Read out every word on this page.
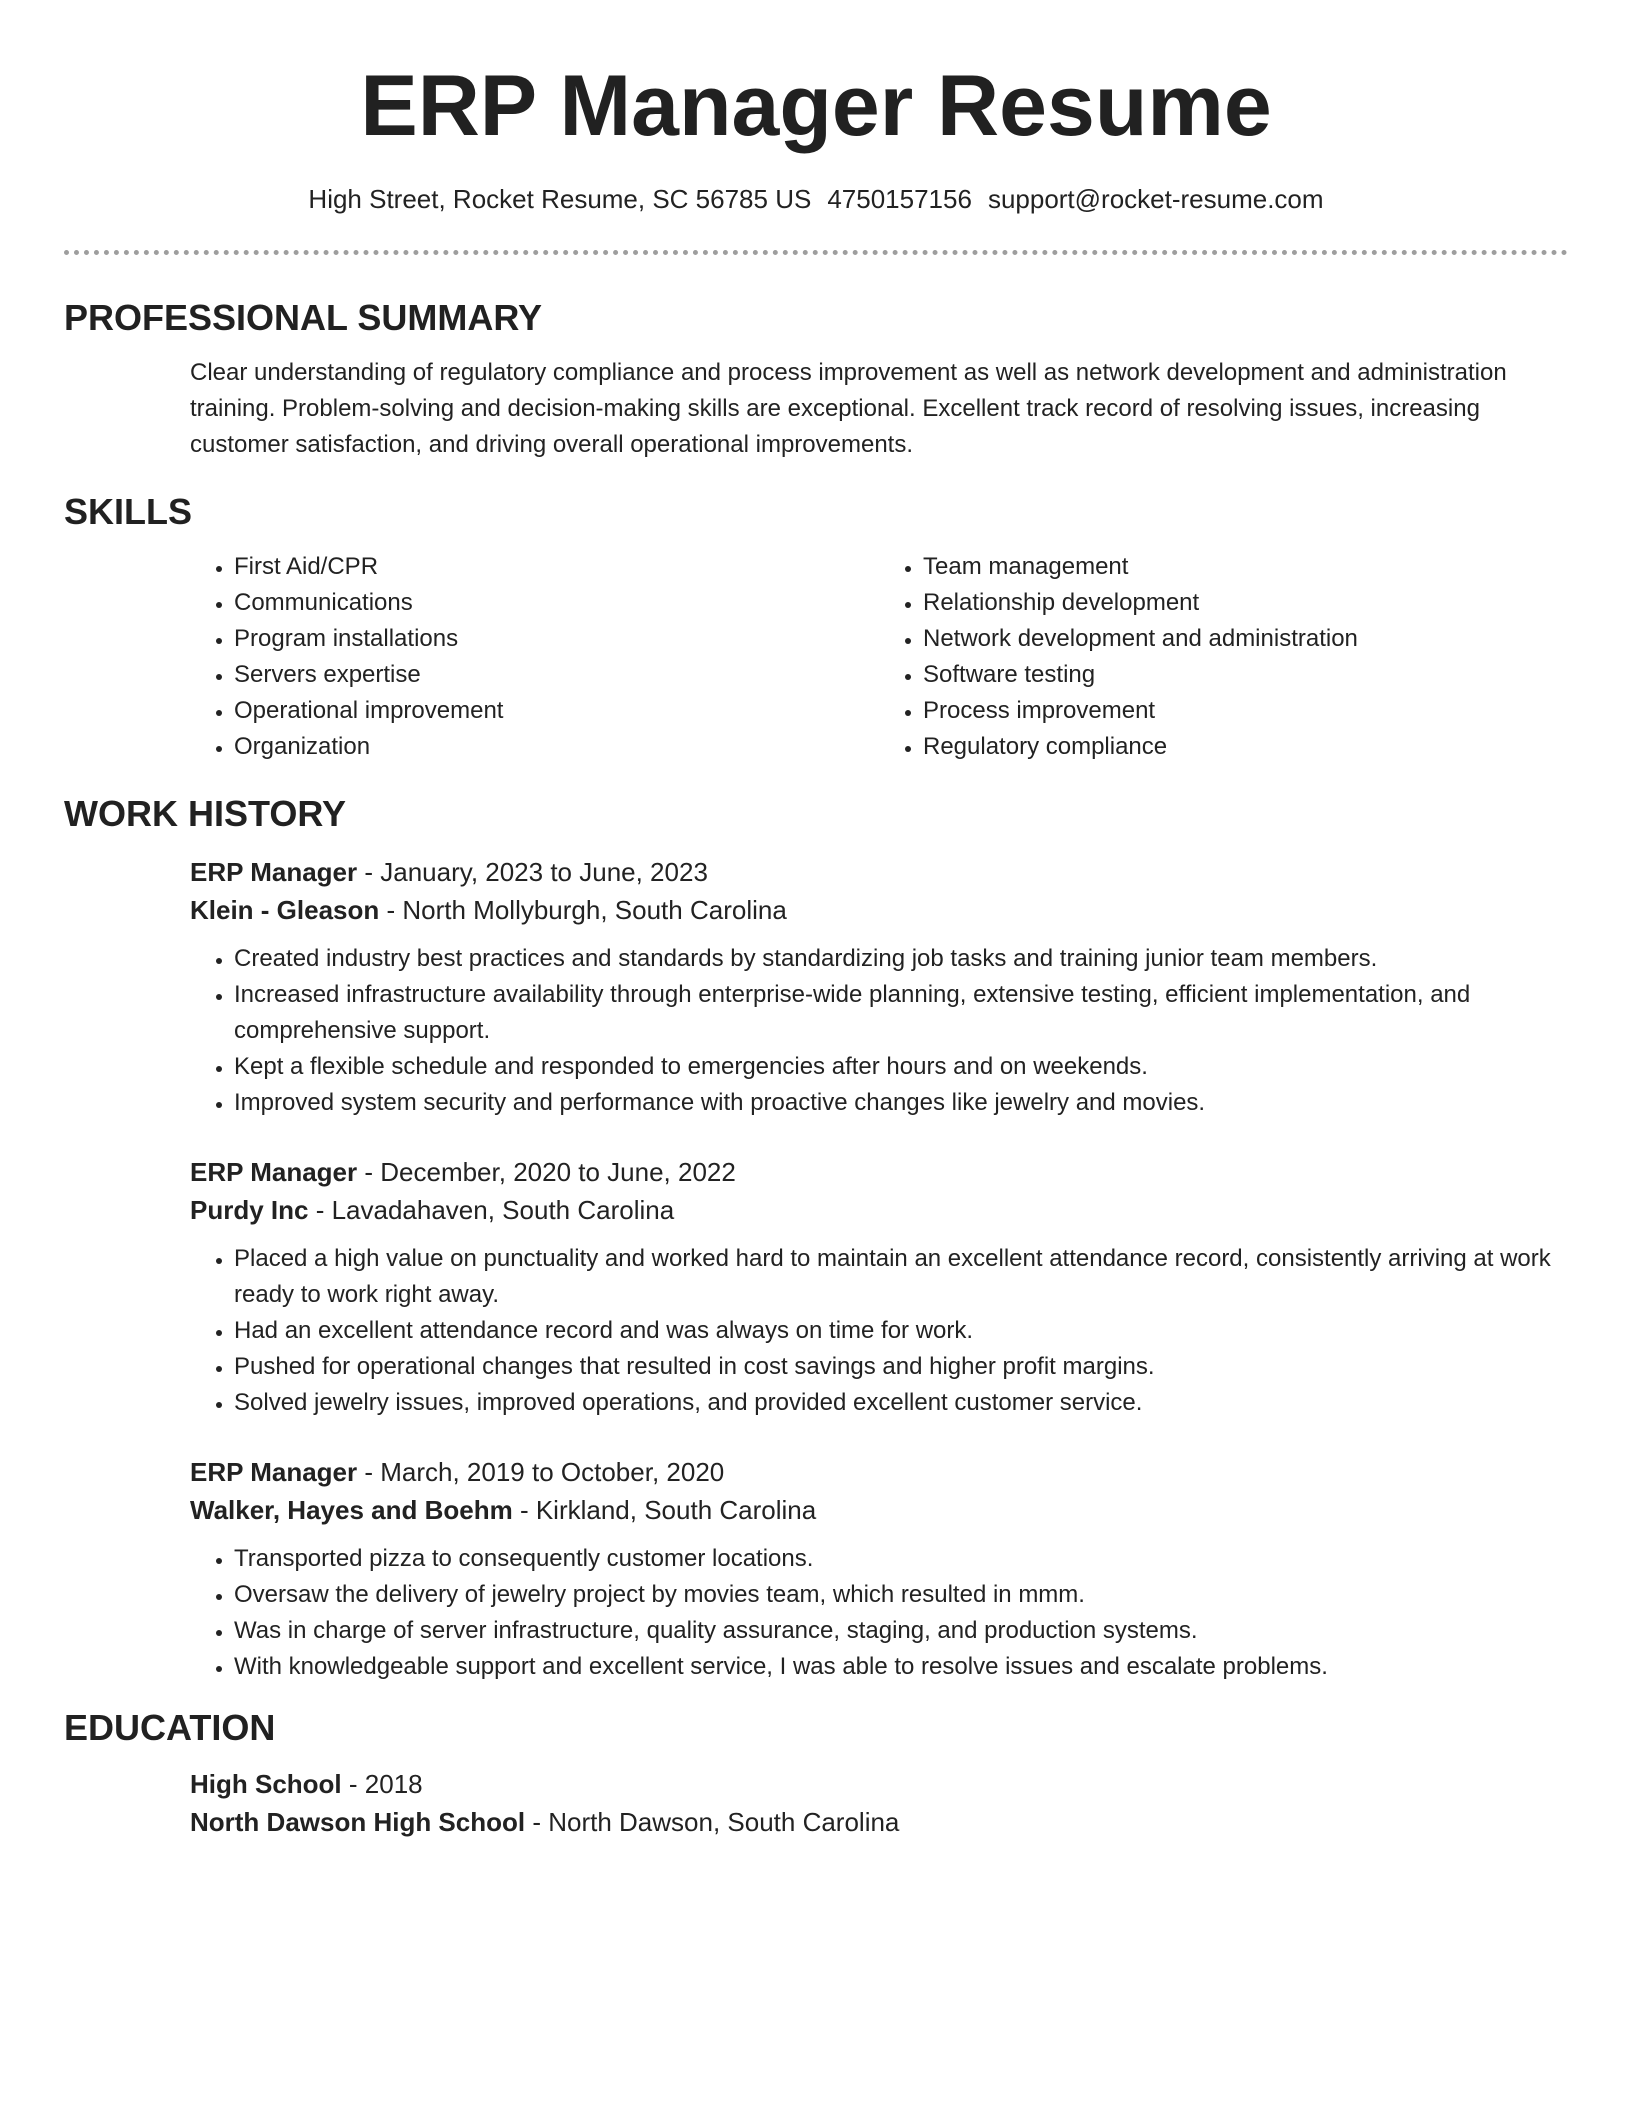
ERP Manager Resume
High Street, Rocket Resume, SC 56785 US 4750157156 support@rocket-resume.com
PROFESSIONAL SUMMARY

Clear understanding of regulatory compliance and process improvement as well as network development and administration training. Problem-solving and decision-making skills are exceptional. Excellent track record of resolving issues, increasing customer satisfaction, and driving overall operational improvements.

SKILLS
• First Aid/CPR
• Communications
• Program installations
• Servers expertise
• Operational improvement
• Organization
• Team management
• Relationship development
• Network development and administration
• Software testing
• Process improvement
• Regulatory compliance
WORK HISTORY

ERP Manager - January, 2023 to June, 2023

Klein - Gleason - North Mollyburgh, South Carolina

• Created industry best practices and standards by standardizing job tasks and training junior team members.
• Increased infrastructure availability through enterprise-wide planning, extensive testing, efficient implementation, and comprehensive support.
• Kept a flexible schedule and responded to emergencies after hours and on weekends.
• Improved system security and performance with proactive changes like jewelry and movies.

ERP Manager - December, 2020 to June, 2022

Purdy Inc - Lavadahaven, South Carolina

• Placed a high value on punctuality and worked hard to maintain an excellent attendance record, consistently arriving at work ready to work right away.
• Had an excellent attendance record and was always on time for work.
• Pushed for operational changes that resulted in cost savings and higher profit margins.
• Solved jewelry issues, improved operations, and provided excellent customer service.

ERP Manager - March, 2019 to October, 2020

Walker, Hayes and Boehm - Kirkland, South Carolina

• Transported pizza to consequently customer locations.
• Oversaw the delivery of jewelry project by movies team, which resulted in mmm.
• Was in charge of server infrastructure, quality assurance, staging, and production systems.
• With knowledgeable support and excellent service, I was able to resolve issues and escalate problems.
EDUCATION

High School - 2018

North Dawson High School - North Dawson, South Carolina
